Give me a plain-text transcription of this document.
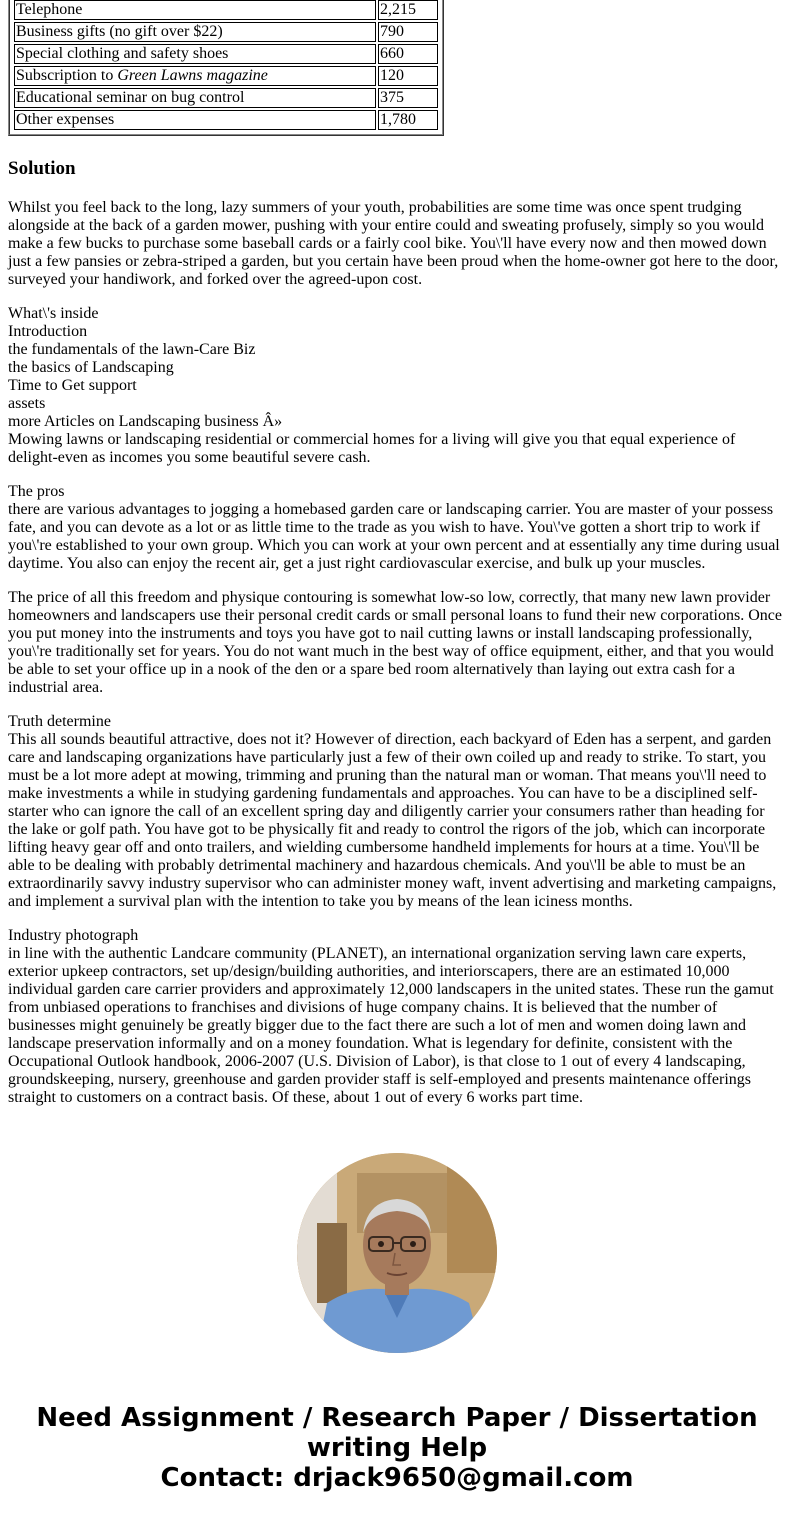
Telephone	2,215
Business gifts (no gift over $22)	790
Special clothing and safety shoes	660
Subscription to Green Lawns magazine	120
Educational seminar on bug control	375
Other expenses	1,780
Solution

Whilst you feel back to the long, lazy summers of your youth, probabilities are some time was once spent trudging alongside at the back of a garden mower, pushing with your entire could and sweating profusely, simply so you would make a few bucks to purchase some baseball cards or a fairly cool bike. You\'ll have every now and then mowed down just a few pansies or zebra-striped a garden, but you certain have been proud when the home-owner got here to the door, surveyed your handiwork, and forked over the agreed-upon cost.

What\'s inside
Introduction
the fundamentals of the lawn-Care Biz
the basics of Landscaping
Time to Get support
assets
more Articles on Landscaping business Â»
Mowing lawns or landscaping residential or commercial homes for a living will give you that equal experience of delight-even as incomes you some beautiful severe cash.

The pros
there are various advantages to jogging a homebased garden care or landscaping carrier. You are master of your possess fate, and you can devote as a lot or as little time to the trade as you wish to have. You\'ve gotten a short trip to work if you\'re established to your own group. Which you can work at your own percent and at essentially any time during usual daytime. You also can enjoy the recent air, get a just right cardiovascular exercise, and bulk up your muscles.

The price of all this freedom and physique contouring is somewhat low-so low, correctly, that many new lawn provider homeowners and landscapers use their personal credit cards or small personal loans to fund their new corporations. Once you put money into the instruments and toys you have got to nail cutting lawns or install landscaping professionally, you\'re traditionally set for years. You do not want much in the best way of office equipment, either, and that you would be able to set your office up in a nook of the den or a spare bed room alternatively than laying out extra cash for a industrial area.

Truth determine
This all sounds beautiful attractive, does not it? However of direction, each backyard of Eden has a serpent, and garden care and landscaping organizations have particularly just a few of their own coiled up and ready to strike. To start, you must be a lot more adept at mowing, trimming and pruning than the natural man or woman. That means you\'ll need to make investments a while in studying gardening fundamentals and approaches. You can have to be a disciplined self-starter who can ignore the call of an excellent spring day and diligently carrier your consumers rather than heading for the lake or golf path. You have got to be physically fit and ready to control the rigors of the job, which can incorporate lifting heavy gear off and onto trailers, and wielding cumbersome handheld implements for hours at a time. You\'ll be able to be dealing with probably detrimental machinery and hazardous chemicals. And you\'ll be able to must be an extraordinarily savvy industry supervisor who can administer money waft, invent advertising and marketing campaigns, and implement a survival plan with the intention to take you by means of the lean iciness months.

Industry photograph
in line with the authentic Landcare community (PLANET), an international organization serving lawn care experts, exterior upkeep contractors, set up/design/building authorities, and interiorscapers, there are an estimated 10,000 individual garden care carrier providers and approximately 12,000 landscapers in the united states. These run the gamut from unbiased operations to franchises and divisions of huge company chains. It is believed that the number of businesses might genuinely be greatly bigger due to the fact there are such a lot of men and women doing lawn and landscape preservation informally and on a money foundation. What is legendary for definite, consistent with the Occupational Outlook handbook, 2006-2007 (U.S. Division of Labor), is that close to 1 out of every 4 landscaping, groundskeeping, nursery, greenhouse and garden provider staff is self-employed and presents maintenance offerings straight to customers on a contract basis. Of these, about 1 out of every 6 works part time.

Need Assignment / Research Paper / Dissertation
writing Help
Contact: drjack9650@gmail.com
